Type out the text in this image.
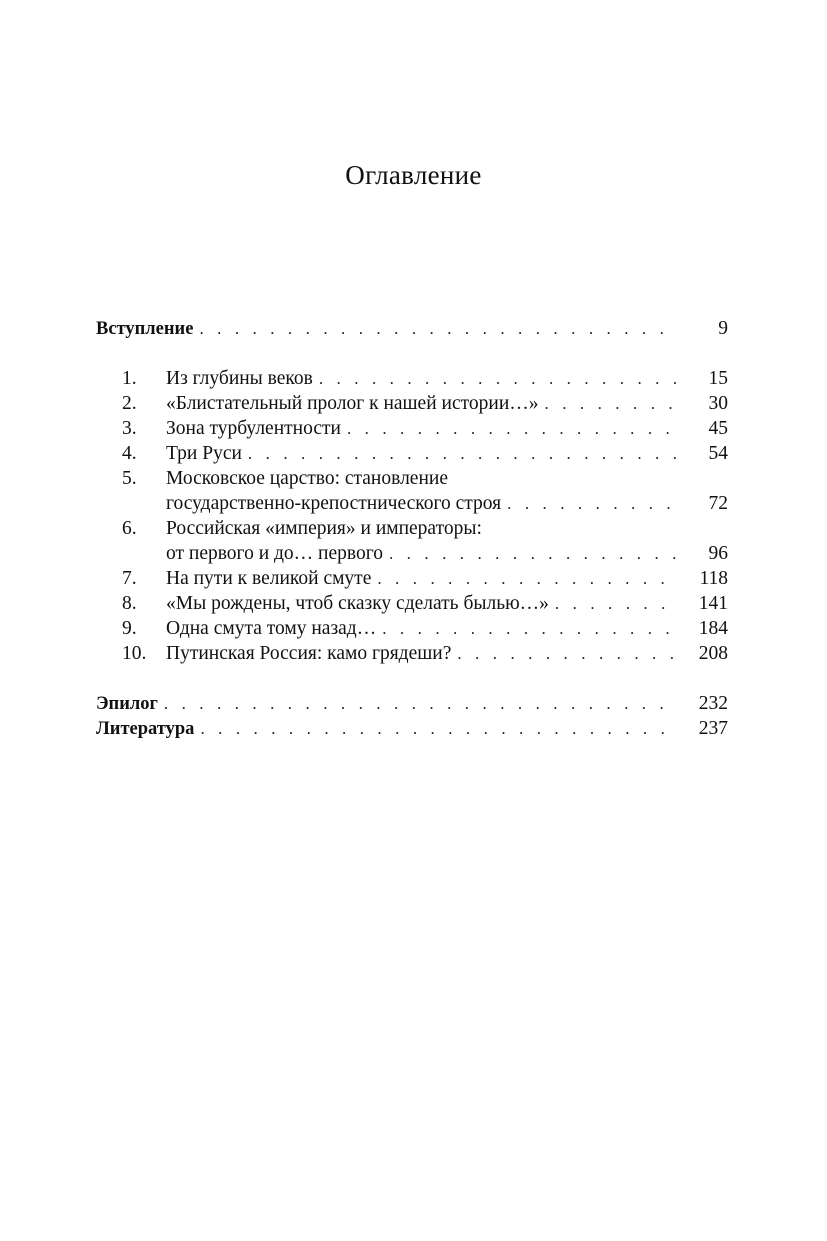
Оглавление
Вступление . . .	9
1.	Из глубины веков . . .	15
2.	«Блистательный пролог к нашей истории…» . . .	30
3.	Зона турбулентности . . .	45
4.	Три Руси . . .	54
5.	Московское царство: становление
государственно-крепостнического строя . . .	72
6.	Российская «империя» и императоры:
от первого и до… первого . . .	96
7.	На пути к великой смуте . . .	118
8.	«Мы рождены, чтоб сказку сделать былью…» . . .	141
9.	Одна смута тому назад… . . .	184
10.	Путинская Россия: камо грядеши? . . .	208
Эпилог . . .	232
Литература . . .	237
